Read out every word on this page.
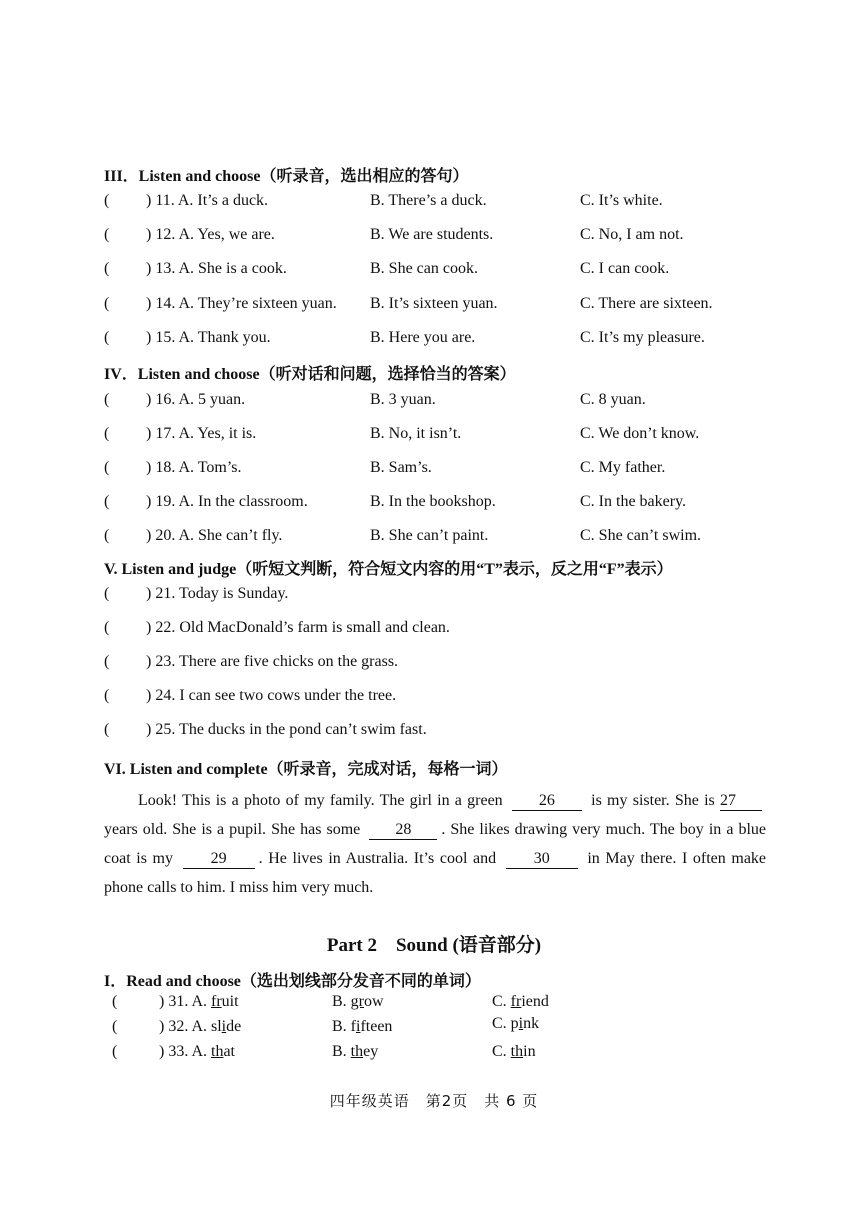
III．Listen and choose（听录音，选出相应的答句）
( ) 11. A. It’s a duck.	B. There’s a duck.	C. It’s white.
( ) 12. A. Yes, we are.	B. We are students.	C. No, I am not.
( ) 13. A. She is a cook.	B. She can cook.	C. I can cook.
( ) 14. A. They’re sixteen yuan. B. It’s sixteen yuan.	C. There are sixteen.
( ) 15. A. Thank you.	B. Here you are.	C. It’s my pleasure.
IV．Listen and choose（听对话和问题，选择恰当的答案）
( ) 16. A. 5 yuan.	B. 3 yuan.	C. 8 yuan.
( ) 17. A. Yes, it is.	B. No, it isn’t.	C. We don’t know.
( ) 18. A. Tom’s.	B. Sam’s.	C. My father.
( ) 19. A. In the classroom.	B. In the bookshop.	C. In the bakery.
( ) 20. A. She can’t fly.	B. She can’t paint.	C. She can’t swim.
V. Listen and judge（听短文判断，符合短文内容的用“T”表示，反之用“F”表示）
( ) 21. Today is Sunday.
( ) 22. Old MacDonald’s farm is small and clean.
( ) 23. There are five chicks on the grass.
( ) 24. I can see two cows under the tree.
( ) 25. The ducks in the pond can’t swim fast.
VI. Listen and complete（听录音，完成对话，每格一词）
Look! This is a photo of my family. The girl in a green 26 is my sister. She is 27 years old. She is a pupil. She has some 28 . She likes drawing very much. The boy in a blue coat is my 29 . He lives in Australia. It’s cool and 30 in May there. I often make phone calls to him. I miss him very much.
Part 2　Sound (语音部分)
I．Read and choose（选出划线部分发音不同的单词）
(	) 31. A. fruit	B. grow	C. friend
(	) 32. A. slide	B. fifteen	C. pink
(	) 33. A. that	B. they	C. thin
四年级英语　第2页　共 6 页
